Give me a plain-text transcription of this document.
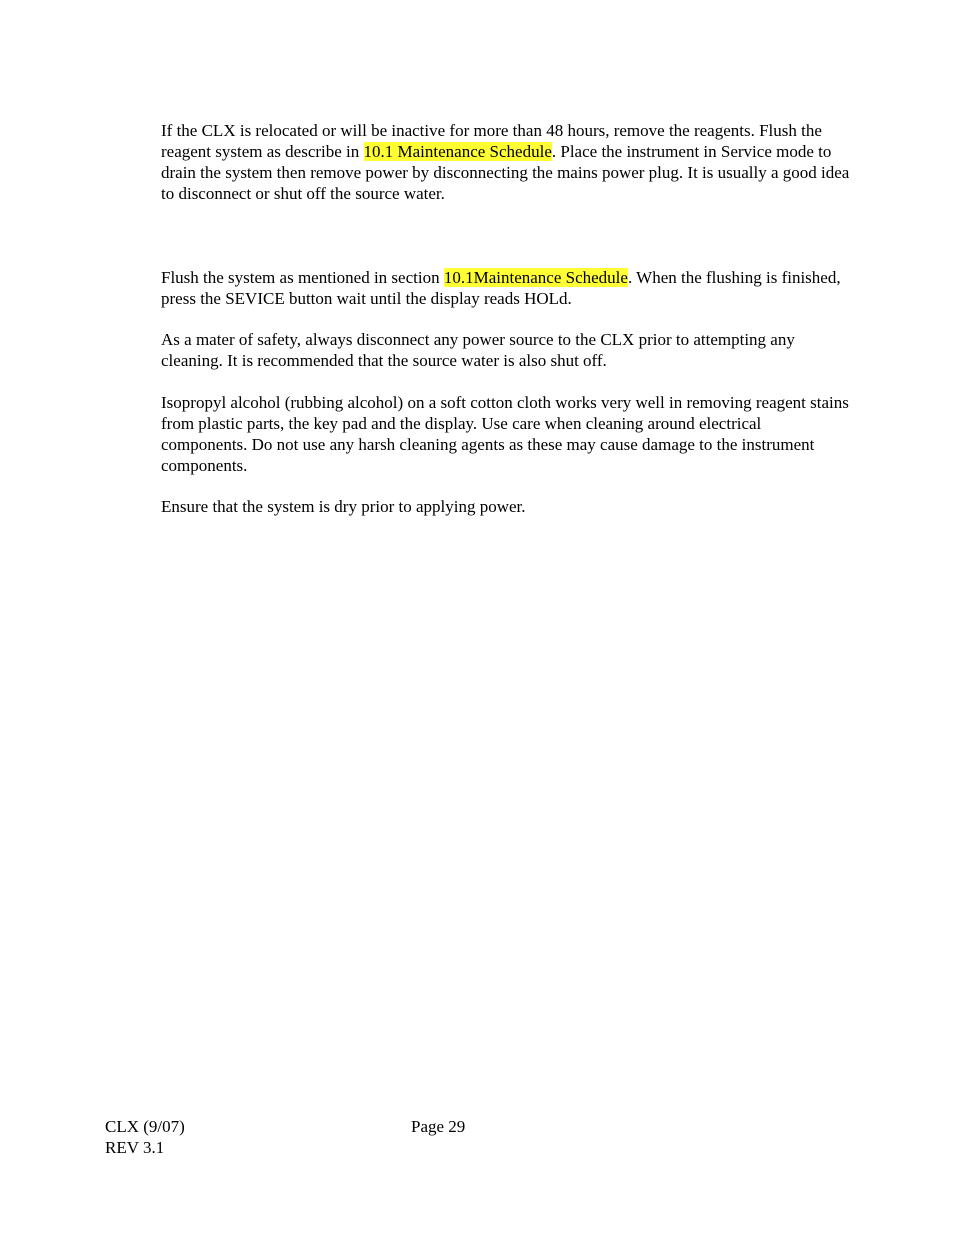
If the CLX is relocated or will be inactive for more than 48 hours, remove the reagents. Flush the reagent system as describe in 10.1 Maintenance Schedule. Place the instrument in Service mode to drain the system then remove power by disconnecting the mains power plug. It is usually a good idea to disconnect or shut off the source water.

Flush the system as mentioned in section 10.1Maintenance Schedule. When the flushing is finished, press the SEVICE button wait until the display reads HOLd.

As a mater of safety, always disconnect any power source to the CLX prior to attempting any cleaning. It is recommended that the source water is also shut off.

Isopropyl alcohol (rubbing alcohol) on a soft cotton cloth works very well in removing reagent stains from plastic parts, the key pad and the display. Use care when cleaning around electrical components. Do not use any harsh cleaning agents as these may cause damage to the instrument components.

Ensure that the system is dry prior to applying power.

CLX (9/07)

REV 3.1

Page 29
